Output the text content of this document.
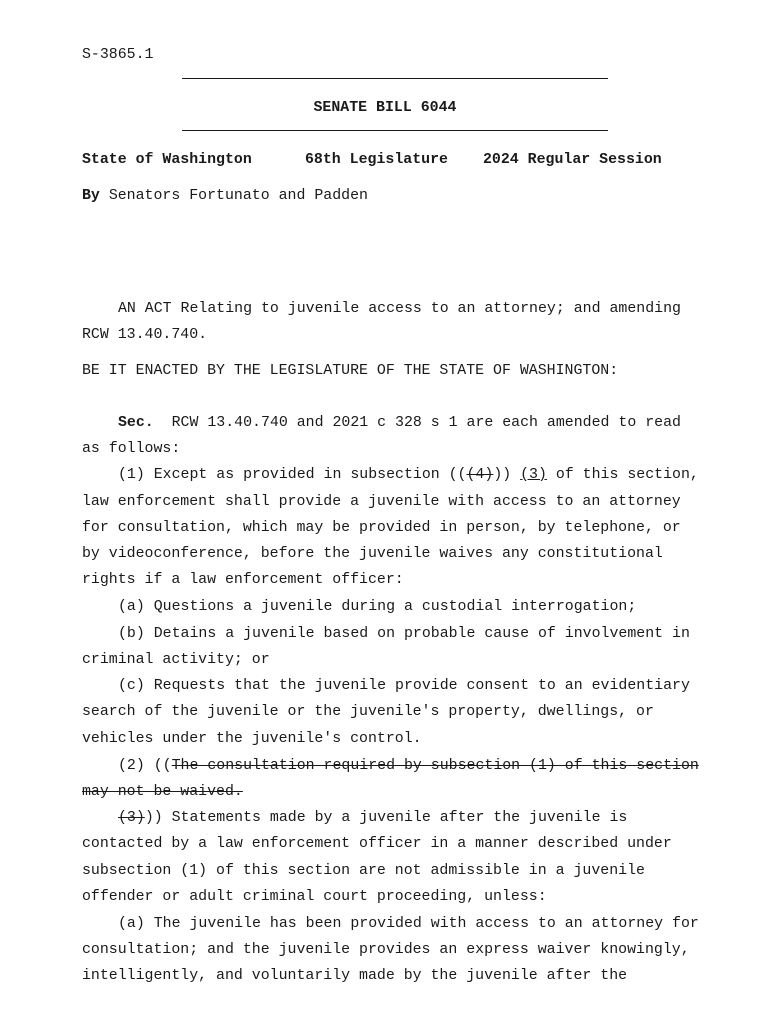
S-3865.1
SENATE BILL 6044
State of Washington	68th Legislature 2024 Regular Session
By Senators Fortunato and Padden
AN ACT Relating to juvenile access to an attorney; and amending
RCW 13.40.740.
BE IT ENACTED BY THE LEGISLATURE OF THE STATE OF WASHINGTON:
Sec.  RCW 13.40.740 and 2021 c 328 s 1 are each amended to read
as follows:
(1) Except as provided in subsection (((4))) (3) of this section,
law enforcement shall provide a juvenile with access to an attorney
for consultation, which may be provided in person, by telephone, or
by videoconference, before the juvenile waives any constitutional
rights if a law enforcement officer:
(a) Questions a juvenile during a custodial interrogation;
(b) Detains a juvenile based on probable cause of involvement in
criminal activity; or
(c) Requests that the juvenile provide consent to an evidentiary
search of the juvenile or the juvenile's property, dwellings, or
vehicles under the juvenile's control.
(2) ((The consultation required by subsection (1) of this section
may not be waived.
(3))) Statements made by a juvenile after the juvenile is
contacted by a law enforcement officer in a manner described under
subsection (1) of this section are not admissible in a juvenile
offender or adult criminal court proceeding, unless:
(a) The juvenile has been provided with access to an attorney for
consultation; and the juvenile provides an express waiver knowingly,
intelligently, and voluntarily made by the juvenile after the
